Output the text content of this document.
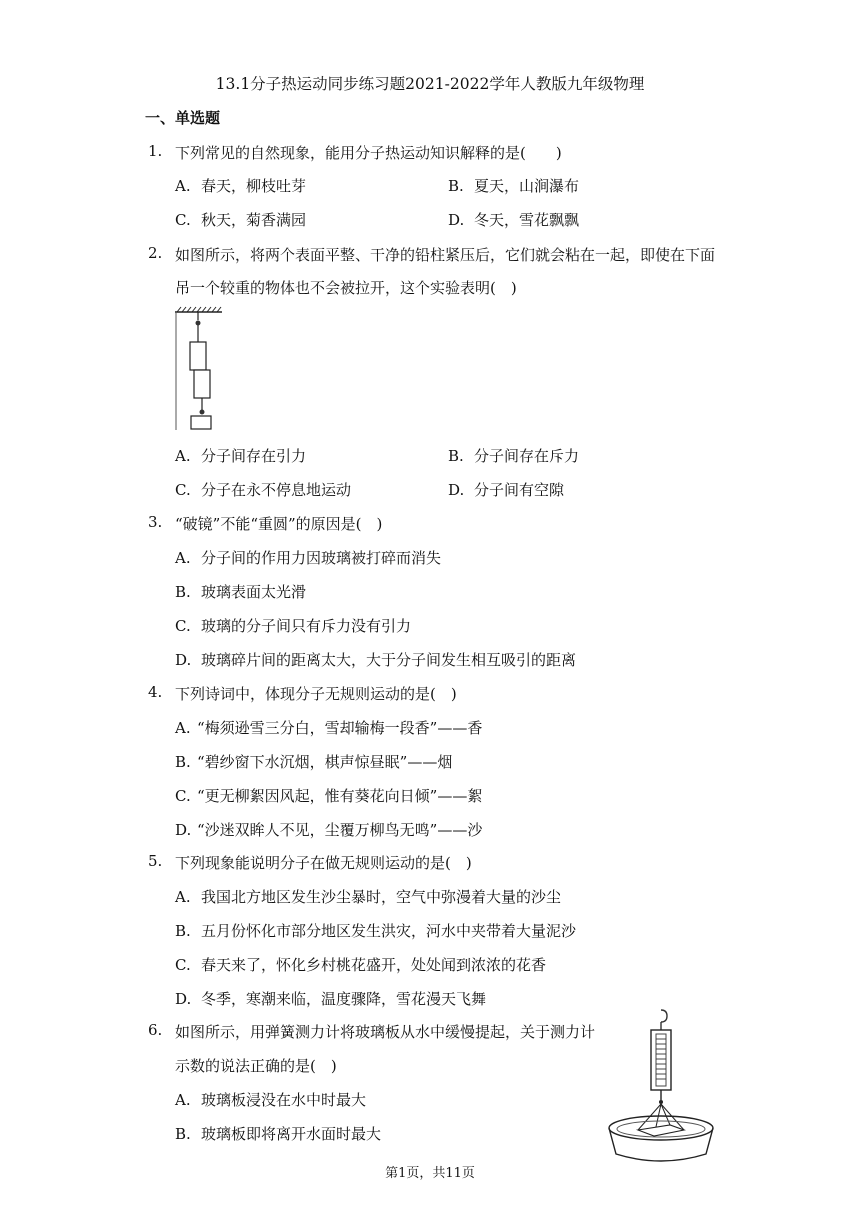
13.1分子热运动同步练习题2021-2022学年人教版九年级物理
一、单选题
1. 下列常见的自然现象，能用分子热运动知识解释的是(　　)
A. 春天，柳枝吐芽	B. 夏天，山涧瀑布
C. 秋天，菊香满园	D. 冬天，雪花飘飘
2. 如图所示，将两个表面平整、干净的铅柱紧压后，它们就会粘在一起，即使在下面
吊一个较重的物体也不会被拉开，这个实验表明(　)
A. 分子间存在引力	B. 分子间存在斥力
C. 分子在永不停息地运动	D. 分子间有空隙
3. “破镜”不能“重圆”的原因是(　)
A. 分子间的作用力因玻璃被打碎而消失
B. 玻璃表面太光滑
C. 玻璃的分子间只有斥力没有引力
D. 玻璃碎片间的距离太大，大于分子间发生相互吸引的距离
4. 下列诗词中，体现分子无规则运动的是(　)
A. “梅须逊雪三分白，雪却输梅一段香”——香
B. “碧纱窗下水沉烟，棋声惊昼眠”——烟
C. “更无柳絮因风起，惟有葵花向日倾”——絮
D. “沙迷双眸人不见，尘覆万柳鸟无鸣”——沙
5. 下列现象能说明分子在做无规则运动的是(　)
A. 我国北方地区发生沙尘暴时，空气中弥漫着大量的沙尘
B. 五月份怀化市部分地区发生洪灾，河水中夹带着大量泥沙
C. 春天来了，怀化乡村桃花盛开，处处闻到浓浓的花香
D. 冬季，寒潮来临，温度骤降，雪花漫天飞舞
6. 如图所示，用弹簧测力计将玻璃板从水中缓慢提起，关于测力计
示数的说法正确的是(　)
A. 玻璃板浸没在水中时最大
B. 玻璃板即将离开水面时最大
第1页，共11页
